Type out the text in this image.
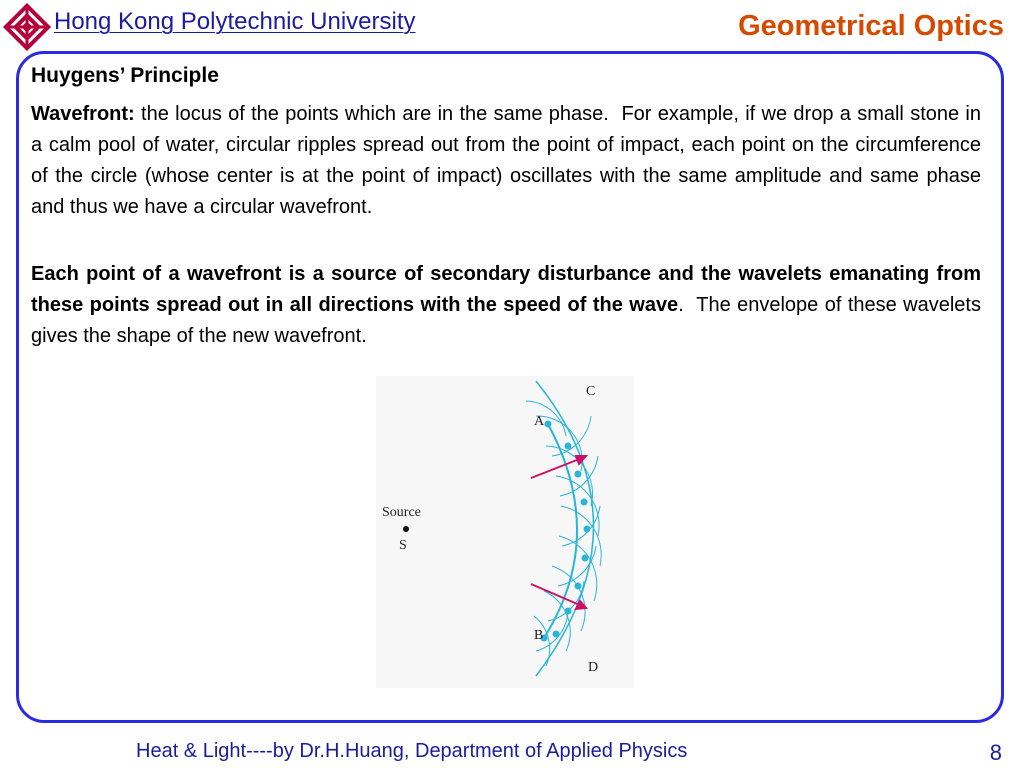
Hong Kong Polytechnic University	Geometrical Optics
Huygens’ Principle

Wavefront: the locus of the points which are in the same phase.  For example, if we drop a small stone in a calm pool of water, circular ripples spread out from the point of impact, each point on the circumference of the circle (whose center is at the point of impact) oscillates with the same amplitude and same phase and thus we have a circular wavefront.

Each point of a wavefront is a source of secondary disturbance and the wavelets emanating from these points spread out in all directions with the speed of the wave.  The envelope of these wavelets gives the shape of the new wavefront.

Source
S
A
B
C
D
Heat & Light----by Dr.H.Huang, Department of Applied Physics	8
